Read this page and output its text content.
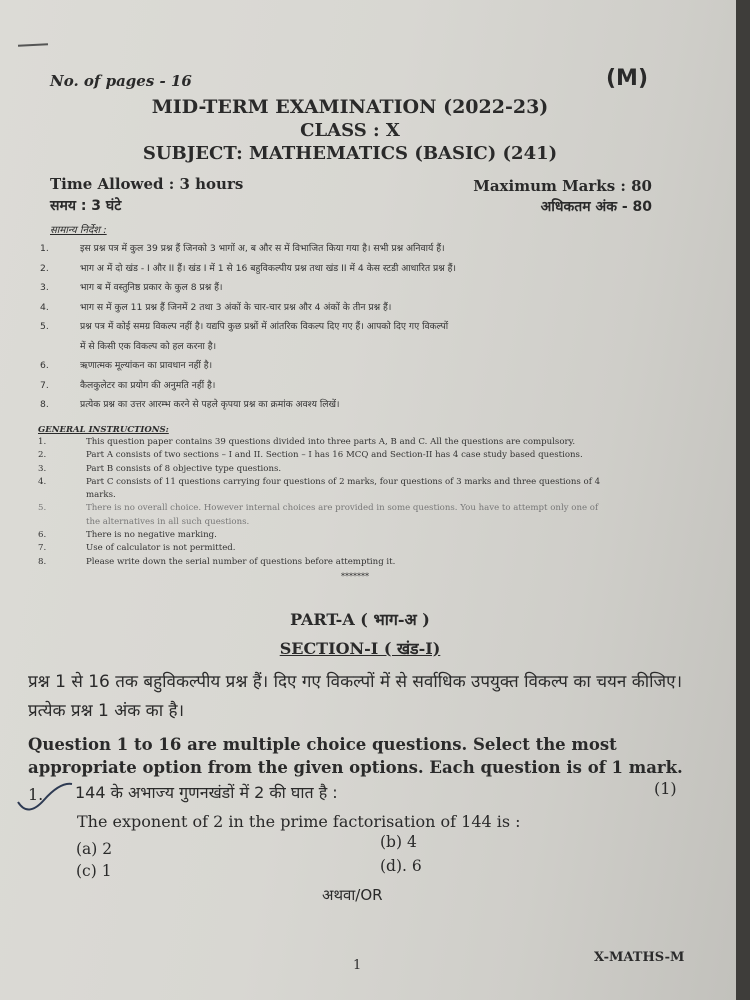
No. of pages - 16	(M)
MID-TERM EXAMINATION (2022-23)
CLASS : X
SUBJECT: MATHEMATICS (BASIC) (241)
Time Allowed : 3 hours
समय : 3 घंटे
Maximum Marks : 80
अधिकतम अंक - 80
सामान्य निर्देश :
1.	इस प्रश्न पत्र में कुल 39 प्रश्न हैं जिनको 3 भागों अ, ब और स में विभाजित किया गया है। सभी प्रश्न अनिवार्य हैं।
2.	भाग अ में दो खंड - I और II हैं। खंड I में 1 से 16 बहुविकल्पीय प्रश्न तथा खंड II में 4 केस स्टडी आधारित प्रश्न हैं।
3.	भाग ब में वस्तुनिष्ठ प्रकार के कुल 8 प्रश्न हैं।
4.	भाग स में कुल 11 प्रश्न हैं जिनमें 2 तथा 3 अंकों के चार-चार प्रश्न और 4 अंकों के तीन प्रश्न हैं।
5.	प्रश्न पत्र में कोई समग्र विकल्प नहीं है। यद्यपि कुछ प्रश्नों में आंतरिक विकल्प दिए गए हैं। आपको दिए गए विकल्पों
में से किसी एक विकल्प को हल करना है।
6.	ऋणात्मक मूल्यांकन का प्रावधान नहीं है।
7.	कैलकुलेटर का प्रयोग की अनुमति नहीं है।
8.	प्रत्येक प्रश्न का उत्तर आरम्भ करने से पहले कृपया प्रश्न का क्रमांक अवश्य लिखें।
GENERAL INSTRUCTIONS:
1.	This question paper contains 39 questions divided into three parts A, B and C. All the questions are compulsory.
2.	Part A consists of two sections – I and II. Section – I has 16 MCQ and Section-II has 4 case study based questions.
3.	Part B consists of 8 objective type questions.
4.	Part C consists of 11 questions carrying four questions of 2 marks, four questions of 3 marks and three questions of 4
marks.
5.	There is no overall choice. However internal choices are provided in some questions. You have to attempt only one of
the alternatives in all such questions.
6.	There is no negative marking.
7.	Use of calculator is not permitted.
8.	Please write down the serial number of questions before attempting it.
*******
PART-A ( भाग-अ )
SECTION-I ( खंड-I)
प्रश्न 1 से 16 तक बहुविकल्पीय प्रश्न हैं। दिए गए विकल्पों में से सर्वाधिक उपयुक्त विकल्प का चयन कीजिए। प्रत्येक प्रश्न 1 अंक का है।
Question 1 to 16 are multiple choice questions. Select the most appropriate option from the given options. Each question is of 1 mark.
1. 144 के अभाज्य गुणनखंडों में 2 की घात है :	(1)
The exponent of 2 in the prime factorisation of 144 is :
(a) 2	(b) 4
(c) 1	(d). 6
अथवा/OR
1
X-MATHS-M
